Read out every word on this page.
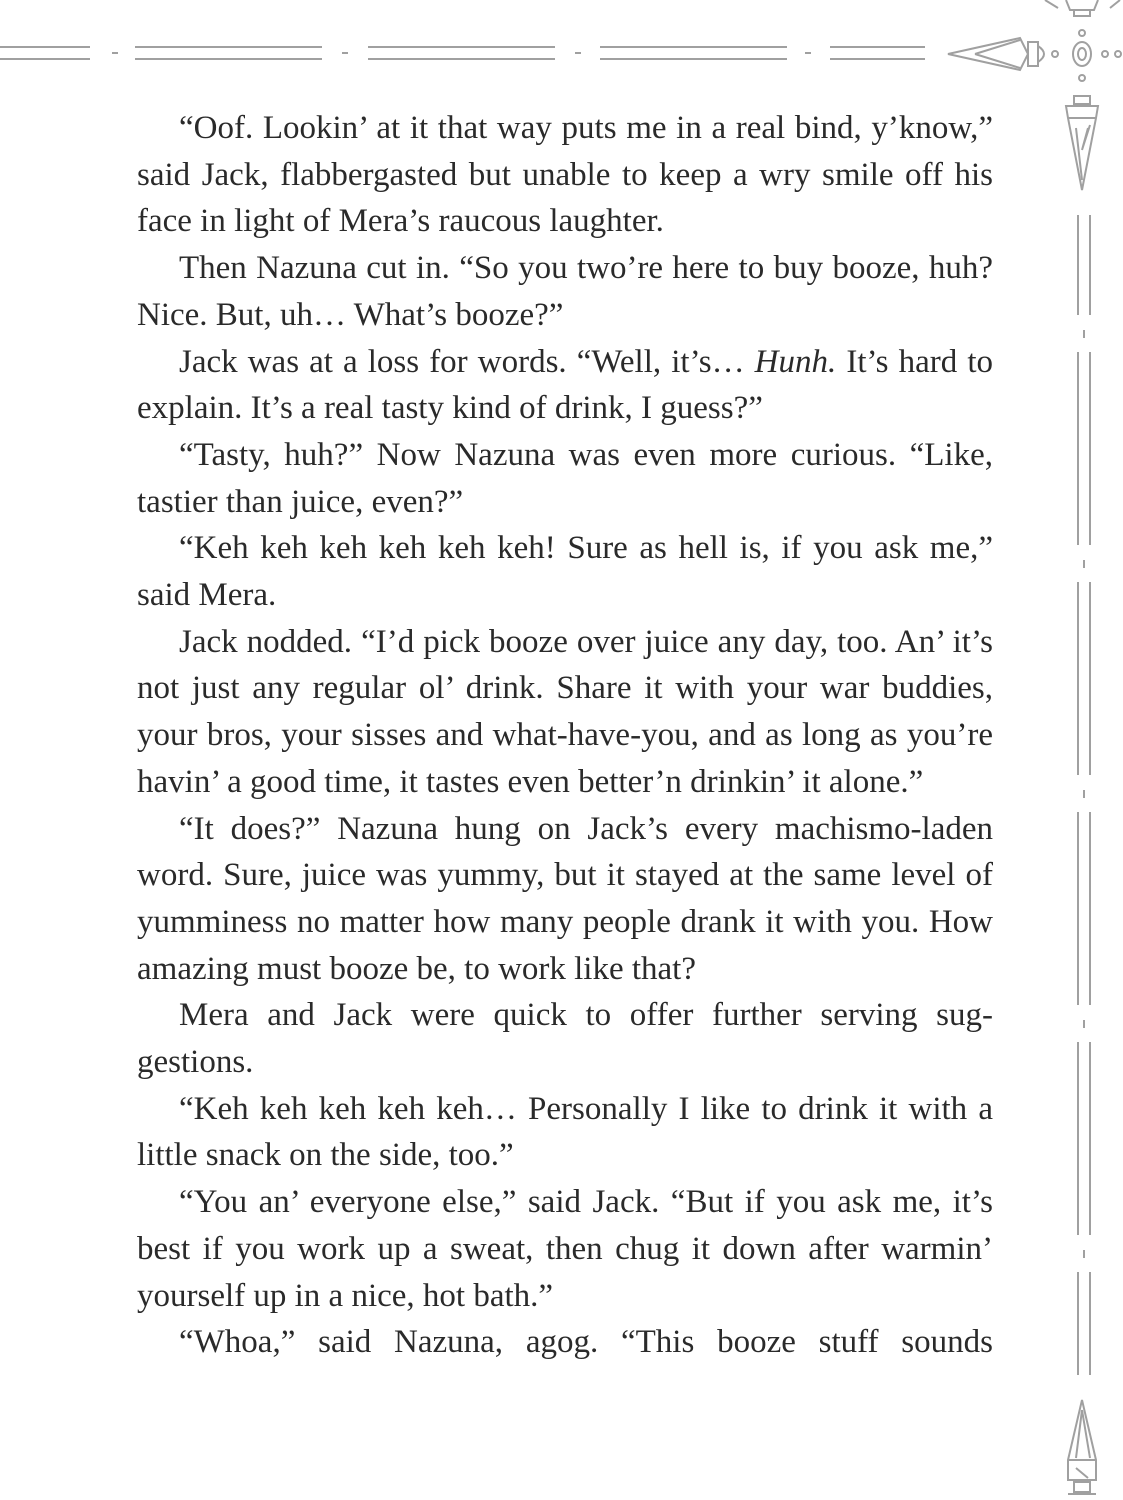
“Oof. Lookin’ at it that way puts me in a real bind, y’know,” said Jack, flabbergasted but unable to keep a wry smile off his face in light of Mera’s raucous laughter.

Then Nazuna cut in. “So you two’re here to buy booze, huh? Nice. But, uh… What’s booze?”

Jack was at a loss for words. “Well, it’s… Hunh. It’s hard to explain. It’s a real tasty kind of drink, I guess?”

“Tasty, huh?” Now Nazuna was even more curious. “Like, tastier than juice, even?”

“Keh keh keh keh keh keh! Sure as hell is, if you ask me,” said Mera.

Jack nodded. “I’d pick booze over juice any day, too. An’ it’s not just any regular ol’ drink. Share it with your war buddies, your bros, your sisses and what-have-you, and as long as you’re havin’ a good time, it tastes even better’n drinkin’ it alone.”

“It does?” Nazuna hung on Jack’s every machismo-laden word. Sure, juice was yummy, but it stayed at the same level of yumminess no matter how many people drank it with you. How amazing must booze be, to work like that?

Mera and Jack were quick to offer further serving sug-gestions.

“Keh keh keh keh keh… Personally I like to drink it with a little snack on the side, too.”

“You an’ everyone else,” said Jack. “But if you ask me, it’s best if you work up a sweat, then chug it down after warmin’ yourself up in a nice, hot bath.”

“Whoa,” said Nazuna, agog. “This booze stuff sounds
